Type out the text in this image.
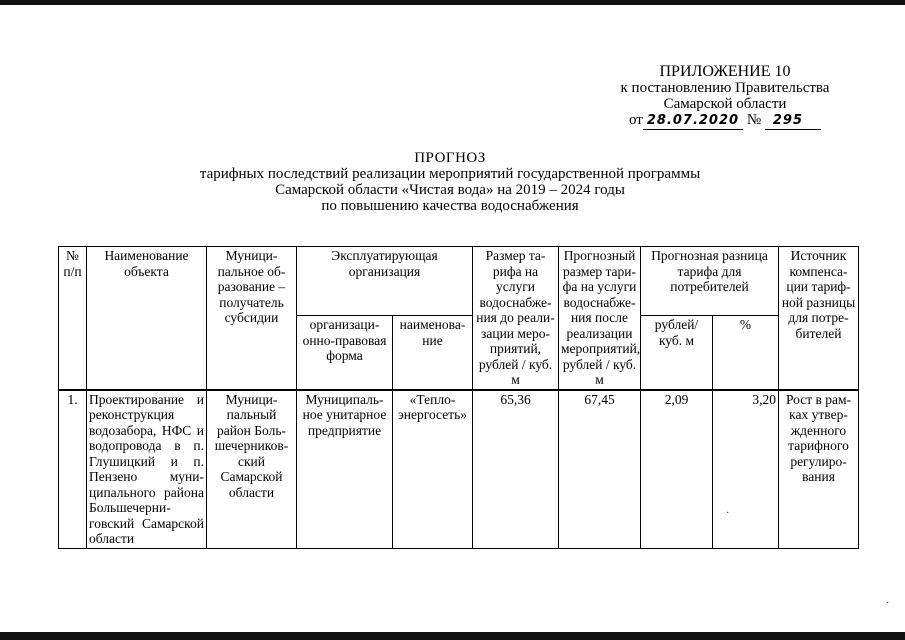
·
·
ПРИЛОЖЕНИЕ 10
к постановлению Правительства
Самарской области
от 28.07.2020 № 295
ПРОГНОЗ
тарифных последствий реализации мероприятий государственной программы
Самарской области «Чистая вода» на 2019 – 2024 годы
по повышению качества водоснабжения
№ п/п	Наименование объекта	Муниципальное образование – получатель субсидии	Эксплуатирующая организация		Размер тарифа на услуги водоснабжения до реализации мероприятий, рублей / куб. м	Прогнозный размер тарифа на услуги водоснабжения после реализации мероприятий, рублей / куб. м	Прогнозная разница тарифа для потребителей		Источник компенсации тарифной разницы для потребителей
			организационно-правовая форма	наименование			рублей/ куб. м	%	
1.	Проектирование и реконструкция водозабора, НФС и водопровода в п. Глушицкий и п. Пензено муниципального района Большечерниговский Самарской области	Муниципальный район Большечерниковский Самарской области	Муниципальное унитарное предприятие	«Теплоэнергосеть»	65,36	67,45	2,09	3,20	Рост в рамках утвержденного тарифного регулирования
